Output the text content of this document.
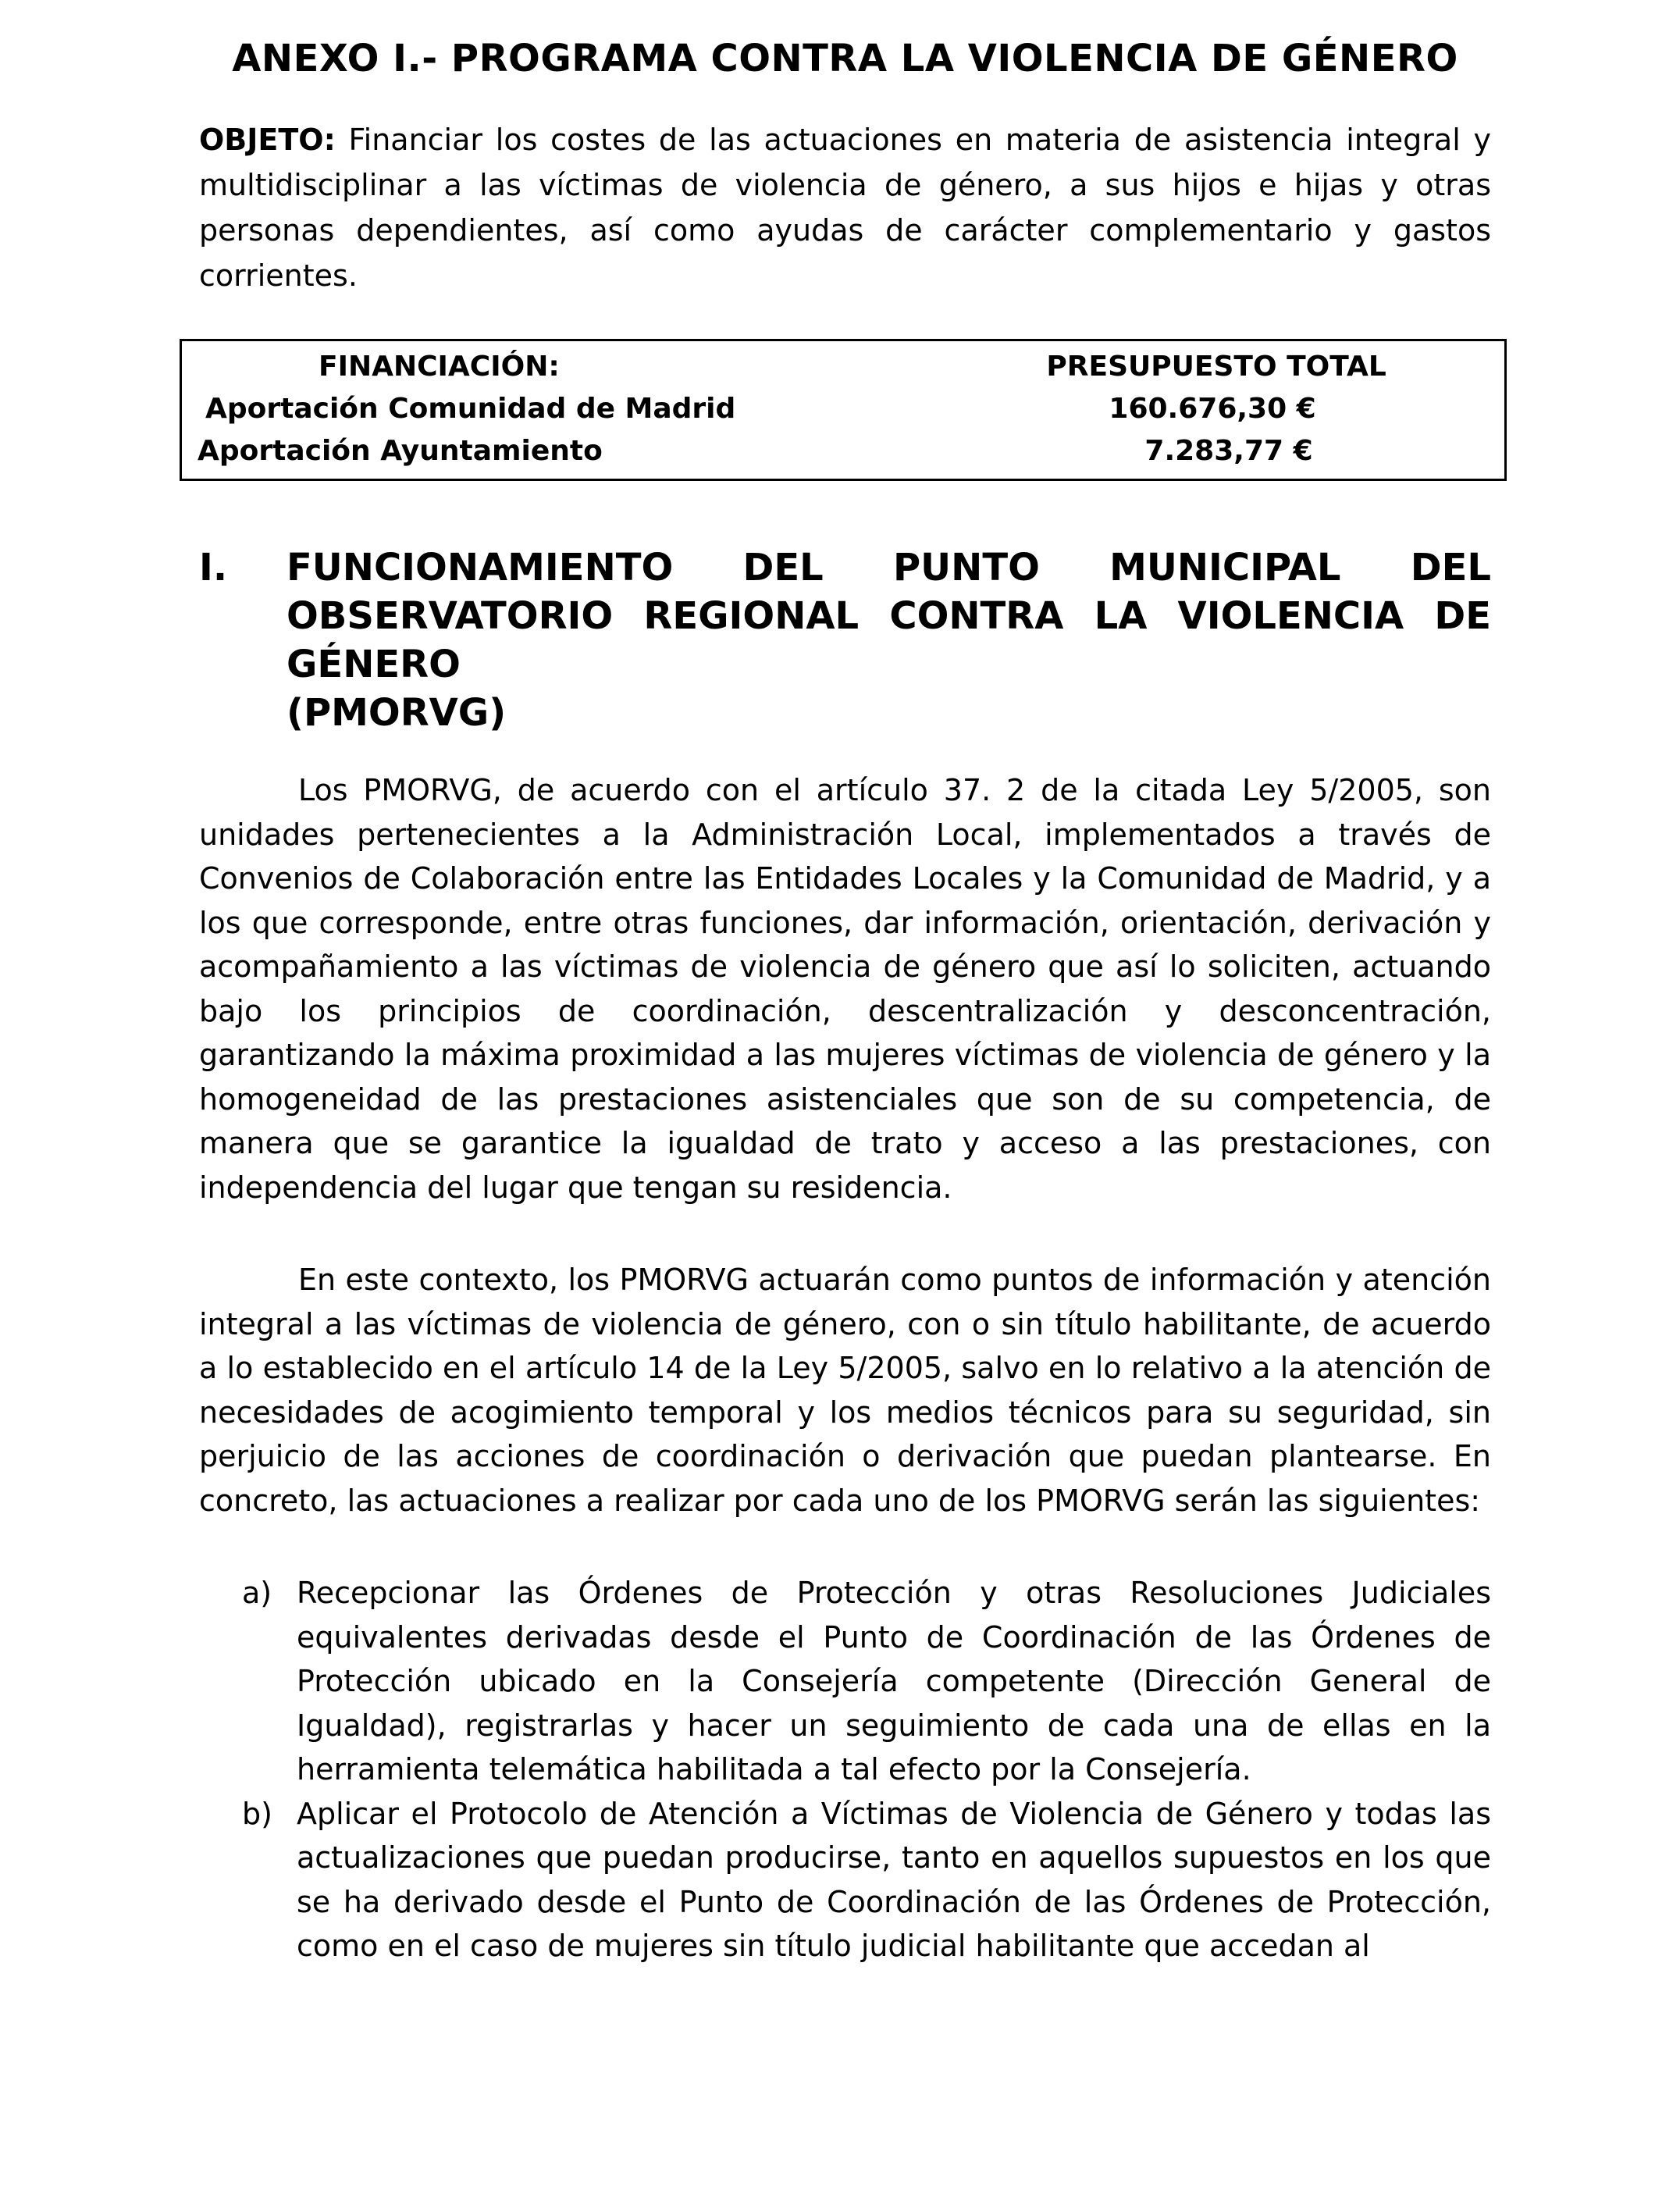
ANEXO I.- PROGRAMA CONTRA LA VIOLENCIA DE GÉNERO

OBJETO: Financiar los costes de las actuaciones en materia de asistencia integral y multidisciplinar a las víctimas de violencia de género, a sus hijos e hijas y otras personas dependientes, así como ayudas de carácter complementario y gastos corrientes.

FINANCIACIÓN:	PRESUPUESTO TOTAL
Aportación Comunidad de Madrid	160.676,30 €
Aportación Ayuntamiento	7.283,77 €
I.	FUNCIONAMIENTO DEL PUNTO MUNICIPAL DEL
OBSERVATORIO REGIONAL CONTRA LA VIOLENCIA DE GÉNERO
(PMORVG)

Los PMORVG, de acuerdo con el artículo 37. 2 de la citada Ley 5/2005, son unidades pertenecientes a la Administración Local, implementados a través de Convenios de Colaboración entre las Entidades Locales y la Comunidad de Madrid, y a los que corresponde, entre otras funciones, dar información, orientación, derivación y acompañamiento a las víctimas de violencia de género que así lo soliciten, actuando bajo los principios de coordinación, descentralización y desconcentración, garantizando la máxima proximidad a las mujeres víctimas de violencia de género y la homogeneidad de las prestaciones asistenciales que son de su competencia, de manera que se garantice la igualdad de trato y acceso a las prestaciones, con independencia del lugar que tengan su residencia.

En este contexto, los PMORVG actuarán como puntos de información y atención integral a las víctimas de violencia de género, con o sin título habilitante, de acuerdo a lo establecido en el artículo 14 de la Ley 5/2005, salvo en lo relativo a la atención de necesidades de acogimiento temporal y los medios técnicos para su seguridad, sin perjuicio de las acciones de coordinación o derivación que puedan plantearse. En concreto, las actuaciones a realizar por cada uno de los PMORVG serán las siguientes:

a) Recepcionar las Órdenes de Protección y otras Resoluciones Judiciales equivalentes derivadas desde el Punto de Coordinación de las Órdenes de Protección ubicado en la Consejería competente (Dirección General de Igualdad), registrarlas y hacer un seguimiento de cada una de ellas en la herramienta telemática habilitada a tal efecto por la Consejería.
b) Aplicar el Protocolo de Atención a Víctimas de Violencia de Género y todas las actualizaciones que puedan producirse, tanto en aquellos supuestos en los que se ha derivado desde el Punto de Coordinación de las Órdenes de Protección, como en el caso de mujeres sin título judicial habilitante que accedan al
